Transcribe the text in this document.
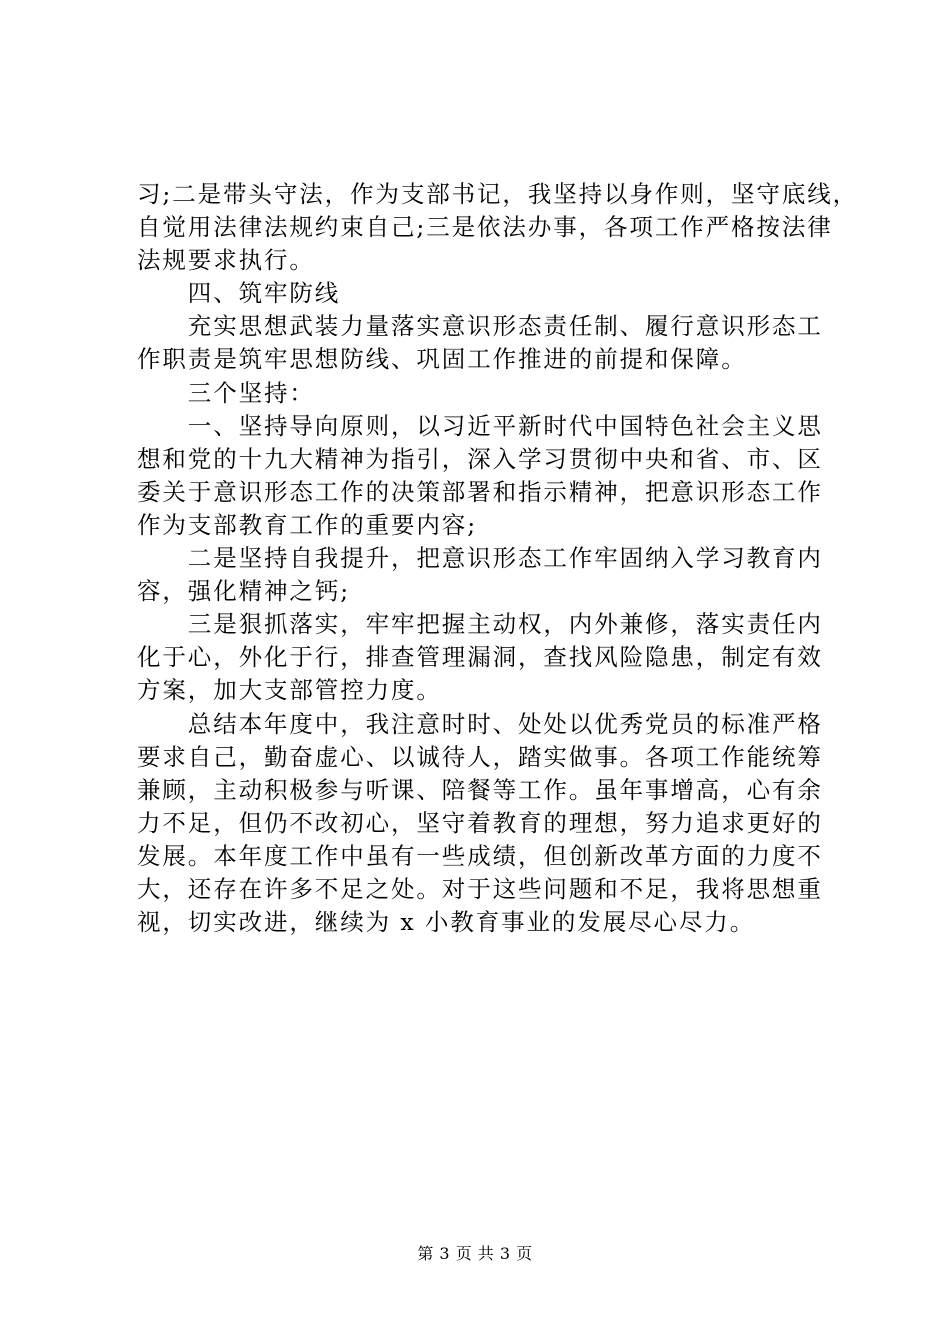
习;二是带头守法，作为支部书记，我坚持以身作则，坚守底线，
自觉用法律法规约束自己;三是依法办事，各项工作严格按法律
法规要求执行。
　　四、筑牢防线
　　充实思想武装力量落实意识形态责任制、履行意识形态工
作职责是筑牢思想防线、巩固工作推进的前提和保障。
　　三个坚持：
　　一、坚持导向原则，以习近平新时代中国特色社会主义思
想和党的十九大精神为指引，深入学习贯彻中央和省、市、区
委关于意识形态工作的决策部署和指示精神，把意识形态工作
作为支部教育工作的重要内容;
　　二是坚持自我提升，把意识形态工作牢固纳入学习教育内
容，强化精神之钙;
　　三是狠抓落实，牢牢把握主动权，内外兼修，落实责任内
化于心，外化于行，排查管理漏洞，查找风险隐患，制定有效
方案，加大支部管控力度。
　　总结本年度中，我注意时时、处处以优秀党员的标准严格
要求自己，勤奋虚心、以诚待人，踏实做事。各项工作能统筹
兼顾，主动积极参与听课、陪餐等工作。虽年事增高，心有余
力不足，但仍不改初心，坚守着教育的理想，努力追求更好的
发展。本年度工作中虽有一些成绩，但创新改革方面的力度不
大，还存在许多不足之处。对于这些问题和不足，我将思想重
视，切实改进，继续为 x 小教育事业的发展尽心尽力。
第 3 页 共 3 页
